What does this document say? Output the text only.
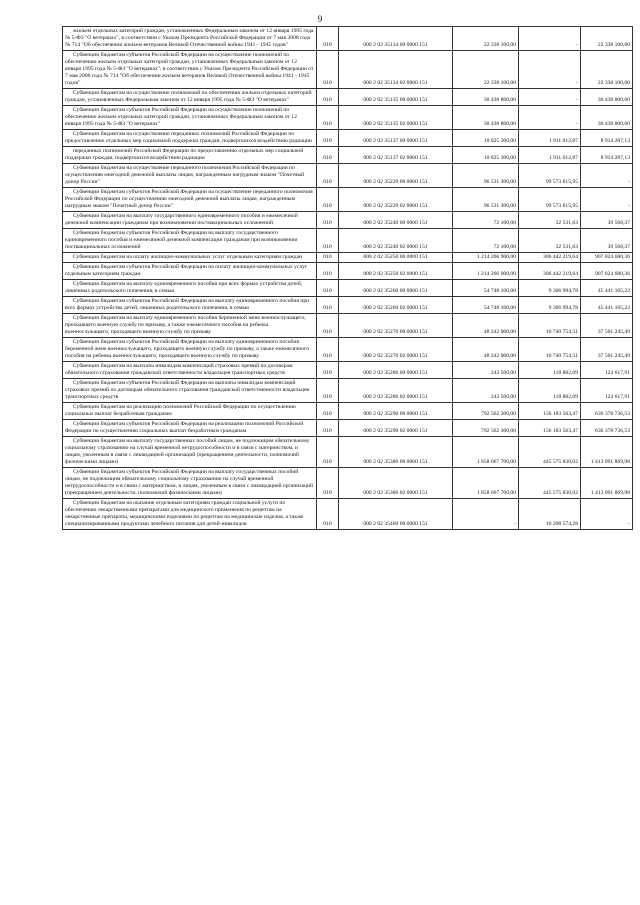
9
жильем отдельных категорий граждан, установленных Федеральным законом от 12 января 1995 года № 5-ФЗ "О ветеранах", в соответствии с Указом Президента Российской Федерации от 7 мая 2008 года № 714 "Об обеспечении жильем ветеранов Великой Отечественной войны 1941 - 1945 годов"	010	000 2 02 35134 00 0000 151	22 338 100,00	-	22 338 100,00
Субвенции бюджетам субъектов Российской Федерации на осуществление полномочий по обеспечению жильем отдельных категорий граждан, установленных Федеральным законом от 12 января 1995 года № 5-ФЗ "О ветеранах", в соответствии с Указом Президента Российской Федерации от 7 мая 2008 года № 714 "Об обеспечении жильем ветеранов Великой Отечественной войны 1941 - 1945 годов"	010	000 2 02 35134 02 0000 151	22 338 100,00	-	22 338 100,00
Субвенции бюджетам на осуществление полномочий по обеспечению жильем отдельных категорий граждан, установленных Федеральным законом от 12 января 1995 года № 5-ФЗ "О ветеранах"	010	000 2 02 35135 00 0000 151	30 438 800,00	-	30 438 800,00
Субвенции бюджетам субъектов Российской Федерации на осуществление полномочий по обеспечению жильем отдельных категорий граждан, установленных Федеральным законом от 12 января 1995 года № 5-ФЗ "О ветеранах"	010	000 2 02 35135 02 0000 151	30 438 800,00	-	30 438 800,00
Субвенции бюджетам на осуществление переданных полномочий Российской Федерации по предоставлению отдельных мер социальной поддержки граждан, подвергшихся воздействию радиации	010	000 2 02 35137 00 0000 151	10 825 300,00	1 911 012,87	8 914 287,13
переданных полномочий Российской Федерации по предоставлению отдельных мер социальной поддержки граждан, подвергшихся воздействию радиации	010	000 2 02 35137 02 0000 151	10 825 300,00	1 911 012,87	8 914 287,13
Субвенции бюджетам на осуществление переданного полномочия Российской Федерации по осуществлению ежегодной денежной выплаты лицам, награжденным нагрудным знаком "Почетный донор России"	010	000 2 02 35220 00 0000 151	96 531 300,00	99 573 815,95	-
Субвенции бюджетам субъектов Российской Федерации на осуществление переданного полномочия Российской Федерации по осуществлению ежегодной денежной выплаты лицам, награжденным нагрудным знаком "Почетный донор России"	010	000 2 02 35220 02 0000 151	96 531 300,00	99 573 815,95	-
Субвенции бюджетам на выплату государственного единовременного пособия и ежемесячной денежной компенсации гражданам при возникновении поствакцинальных осложнений	010	000 2 02 35240 00 0000 151	72 100,00	32 531,63	39 568,37
Субвенции бюджетам субъектов Российской Федерации на выплату государственного единовременного пособия и ежемесячной денежной компенсации гражданам при возникновении поствакцинальных осложнений	010	000 2 02 35240 02 0000 151	72 100,00	32 531,63	39 568,37
Субвенции бюджетам на оплату жилищно-коммунальных услуг отдельным категориям граждан	010	000 2 02 35250 00 0000 151	1 214 266 900,00	306 442 219,64	907 824 680,36
Субвенции бюджетам субъектов Российской Федерации на оплату жилищно-коммунальных услуг отдельным категориям граждан	010	000 2 02 35250 02 0000 151	1 214 266 900,00	306 442 219,64	907 824 680,36
Субвенции бюджетам на выплату единовременного пособия при всех формах устройства детей, лишенных родительского попечения, в семью	010	000 2 02 35260 00 0000 151	54 748 100,00	9 306 994,78	45 441 105,22
Субвенции бюджетам субъектов Российской Федерации на выплату единовременного пособия при всех формах устройства детей, лишенных родительского попечения, в семью	010	000 2 02 35260 02 0000 151	54 748 100,00	9 306 994,78	45 441 105,22
Субвенции бюджетам на выплату единовременного пособия беременной жене военнослужащего, проходящего военную службу по призыву, а также ежемесячного пособия на ребенка военнослужащего, проходящего военную службу по призыву	010	000 2 02 35270 00 0000 151	48 242 000,00	10 740 754,51	37 501 245,49
Субвенции бюджетам субъектов Российской Федерации на выплату единовременного пособия беременной жене военнослужащего, проходящего военную службу по призыву, а также ежемесячного пособия на ребенка военнослужащего, проходящего военную службу по призыву	010	000 2 02 35270 02 0000 151	48 242 000,00	10 740 754,51	37 501 245,49
Субвенции бюджетам на выплаты инвалидам компенсаций страховых премий по договорам обязательного страхования гражданской ответственности владельцев транспортных средств	010	000 2 02 35280 00 0000 151	243 500,00	118 882,09	124 617,91
Субвенции бюджетам субъектов Российской Федерации на выплаты инвалидам компенсаций страховых премий по договорам обязательного страхования гражданской ответственности владельцев транспортных средств	010	000 2 02 35280 02 0000 151	243 500,00	118 882,09	124 617,91
Субвенции бюджетам на реализацию полномочий Российской Федерации по осуществлению социальных выплат безработным гражданам	010	000 2 02 35290 00 0000 151	792 562 300,00	156 183 563,47	636 378 736,53
Субвенции бюджетам субъектов Российской Федерации на реализацию полномочий Российской Федерации по осуществлению социальных выплат безработным гражданам	010	000 2 02 35290 02 0000 151	792 562 300,00	156 183 563,47	636 378 736,53
Субвенции бюджетам на выплату государственных пособий лицам, не подлежащим обязательному социальному страхованию на случай временной нетрудоспособности и в связи с материнством, и лицам, уволенным в связи с ликвидацией организаций (прекращением деятельности, полномочий физическими лицами)	010	000 2 02 35380 00 0000 151	1 858 667 700,00	445 575 830,02	1 413 091 869,98
Субвенции бюджетам субъектов Российской Федерации на выплату государственных пособий лицам, не подлежащим обязательному социальному страхованию на случай временной нетрудоспособности и в связи с материнством, и лицам, уволенным в связи с ликвидацией организаций (прекращением деятельности, полномочий физическими лицами)	010	000 2 02 35380 02 0000 151	1 858 667 700,00	445 575 830,02	1 413 091 869,98
Субвенции бюджетам на оказание отдельным категориям граждан социальной услуги по обеспечению лекарственными препаратами для медицинского применения по рецептам на лекарственные препараты, медицинскими изделиями по рецептам на медицинские изделия, а также специализированными продуктами лечебного питания для детей-инвалидов	010	000 2 02 35460 00 0000 151	-	10 208 574,28	-
